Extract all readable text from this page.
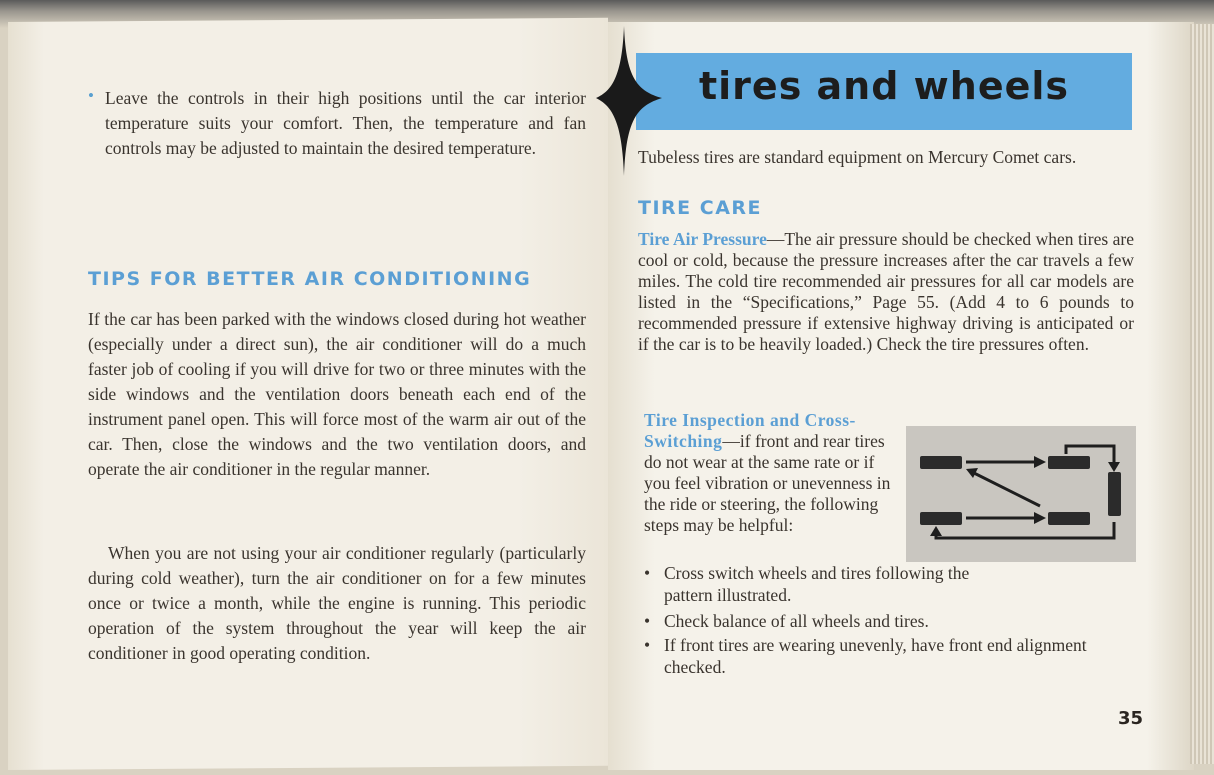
• Leave the controls in their high positions until the car interior temperature suits your comfort. Then, the temperature and fan controls may be adjusted to maintain the desired temperature.
TIPS FOR BETTER AIR CONDITIONING
If the car has been parked with the windows closed during hot weather (especially under a direct sun), the air conditioner will do a much faster job of cooling if you will drive for two or three minutes with the side windows and the ventilation doors beneath each end of the instrument panel open. This will force most of the warm air out of the car. Then, close the windows and the two ventilation doors, and operate the air conditioner in the regular manner.
When you are not using your air conditioner regularly (particularly during cold weather), turn the air conditioner on for a few minutes once or twice a month, while the engine is running. This periodic operation of the system throughout the year will keep the air conditioner in good operating condition.
tires and wheels
Tubeless tires are standard equipment on Mercury Comet cars.
TIRE CARE
Tire Air Pressure—The air pressure should be checked when tires are cool or cold, because the pressure increases after the car travels a few miles. The cold tire recommended air pressures for all car models are listed in the “Specifications,” Page 55. (Add 4 to 6 pounds to recommended pressure if extensive highway driving is anticipated or if the car is to be heavily loaded.) Check the tire pressures often.
Tire Inspection and Cross-Switching—if front and rear tires do not wear at the same rate or if you feel vibration or unevenness in the ride or steering, the following steps may be helpful:
• Cross switch wheels and tires following the pattern illustrated.
• Check balance of all wheels and tires.
• If front tires are wearing unevenly, have front end alignment checked.
35
